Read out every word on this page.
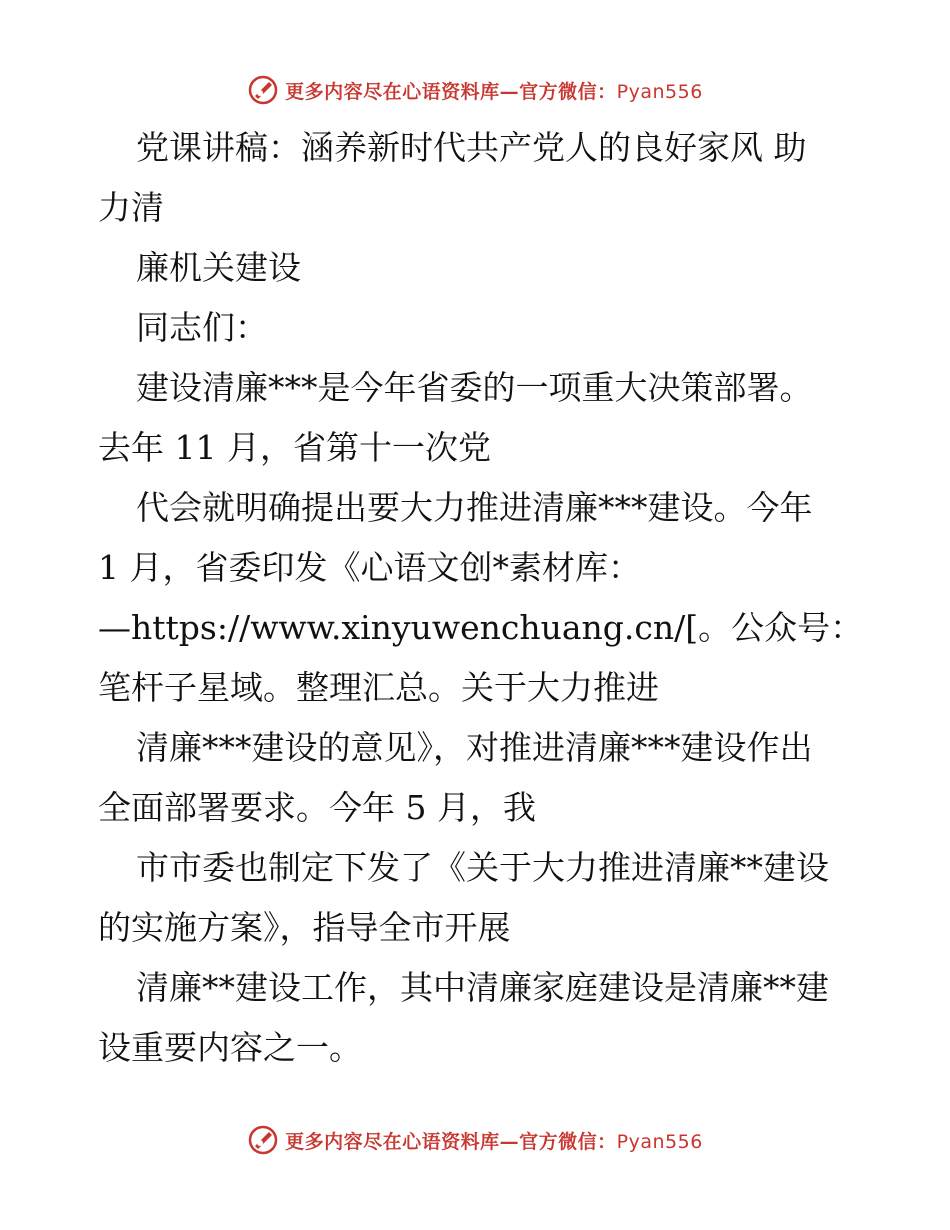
更多内容尽在心语资料库—官方微信：Pyan556

党课讲稿：涵养新时代共产党人的良好家风 助

力清

廉机关建设

同志们：

建设清廉***是今年省委的一项重大决策部署。

去年 11 月，省第十一次党

代会就明确提出要大力推进清廉***建设。今年

1 月，省委印发《心语文创*素材库：

—https://www.xinyuwenchuang.cn/[。公众号：

笔杆子星域。整理汇总。关于大力推进

清廉***建设的意见》，对推进清廉***建设作出

全面部署要求。今年 5 月，我

市市委也制定下发了《关于大力推进清廉**建设

的实施方案》，指导全市开展

清廉**建设工作，其中清廉家庭建设是清廉**建

设重要内容之一。

更多内容尽在心语资料库—官方微信：Pyan556
